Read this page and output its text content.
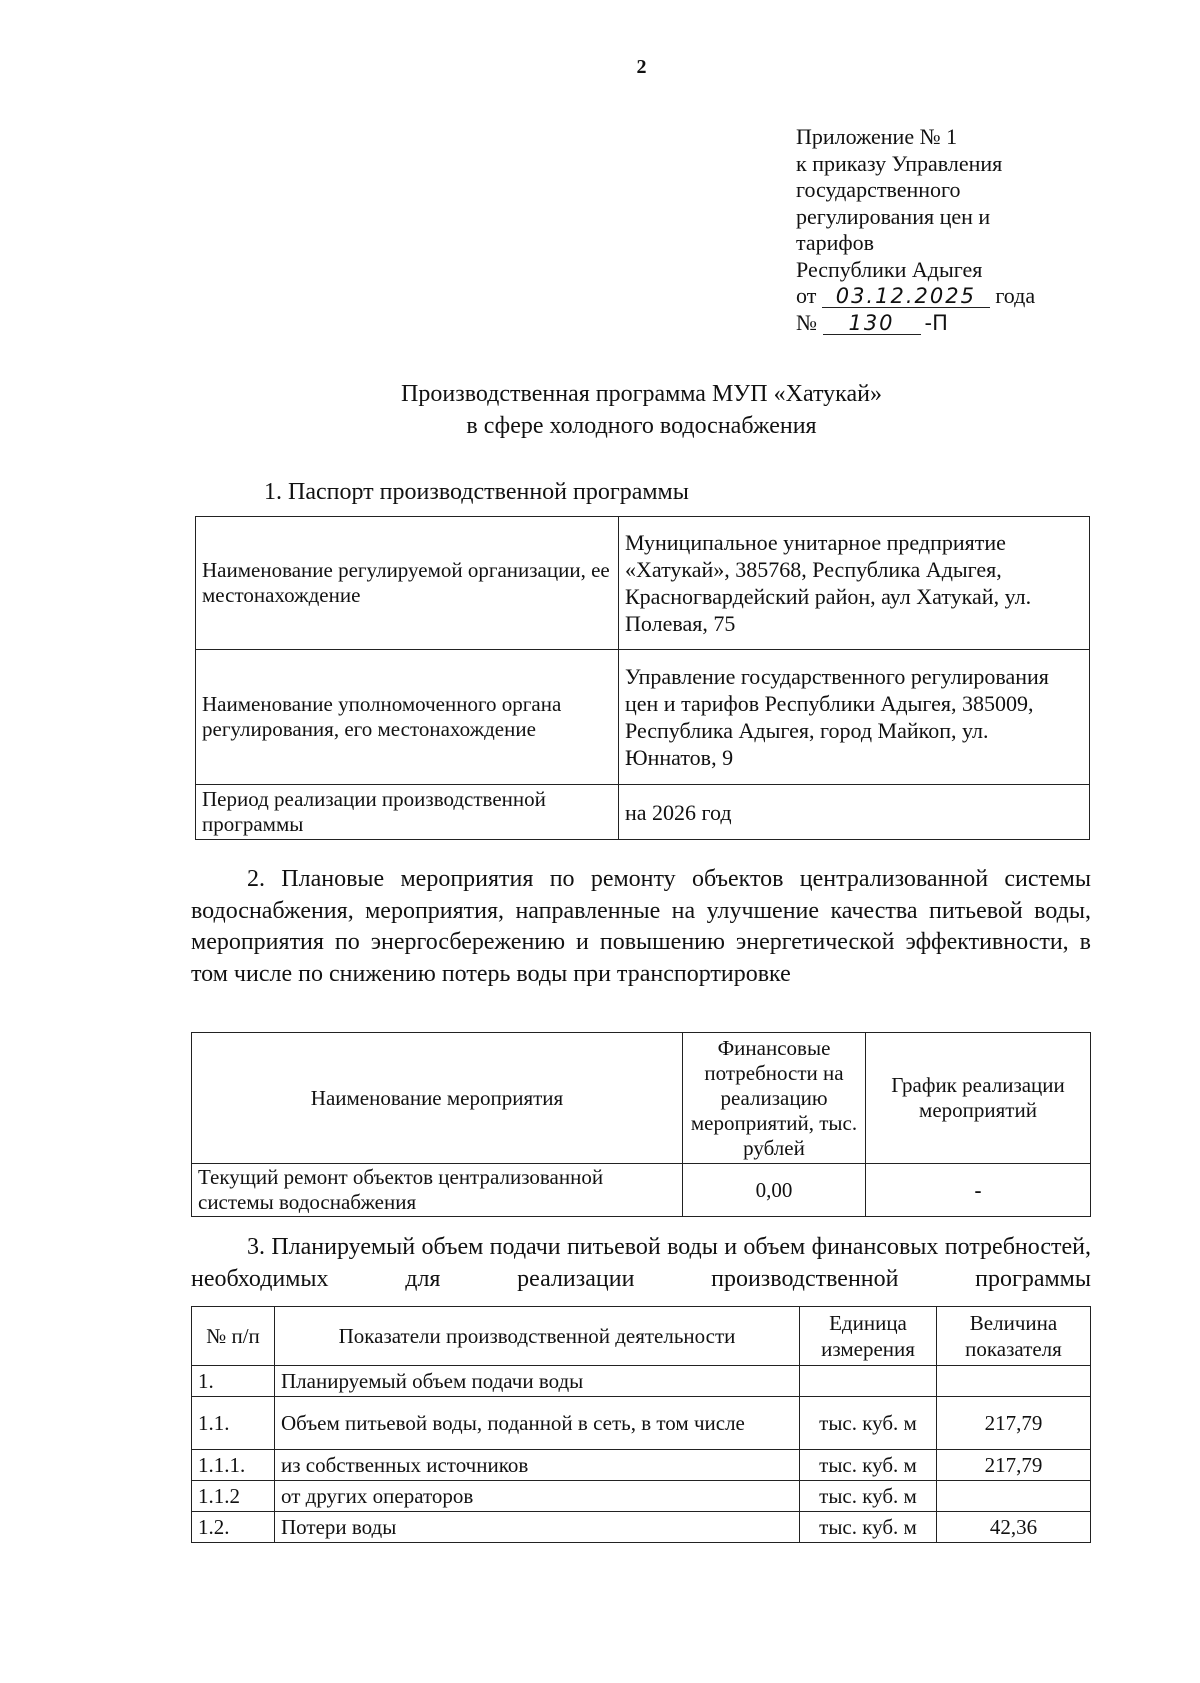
2
Приложение № 1
к приказу Управления
государственного
регулирования цен и
тарифов
Республики Адыгея
от 03.12.2025 года
№ 130 -П
Производственная программа МУП «Хатукай»
в сфере холодного водоснабжения
1. Паспорт производственной программы
Наименование регулируемой организации, ее местонахождение	Муниципальное унитарное предприятие «Хатукай», 385768, Республика Адыгея, Красногвардейский район, аул Хатукай, ул. Полевая, 75
Наименование уполномоченного органа регулирования, его местонахождение	Управление государственного регулирования цен и тарифов Республики Адыгея, 385009, Республика Адыгея, город Майкоп, ул. Юннатов, 9
Период реализации производственной программы	на 2026 год
2. Плановые мероприятия по ремонту объектов централизованной системы водоснабжения, мероприятия, направленные на улучшение качества питьевой воды, мероприятия по энергосбережению и повышению энергетической эффективности, в том числе по снижению потерь воды при транспортировке
Наименование мероприятия	Финансовые потребности на реализацию мероприятий, тыс. рублей	График реализации мероприятий
Текущий ремонт объектов централизованной системы водоснабжения	0,00	-
3. Планируемый объем подачи питьевой воды и объем финансовых потребностей, необходимых для реализации производственной программы
№ п/п	Показатели производственной деятельности	Единица измерения	Величина показателя
1.	Планируемый объем подачи воды		
1.1.	Объем питьевой воды, поданной в сеть, в том числе	тыс. куб. м	217,79
1.1.1.	из собственных источников	тыс. куб. м	217,79
1.1.2	от других операторов	тыс. куб. м	
1.2.	Потери воды	тыс. куб. м	42,36
